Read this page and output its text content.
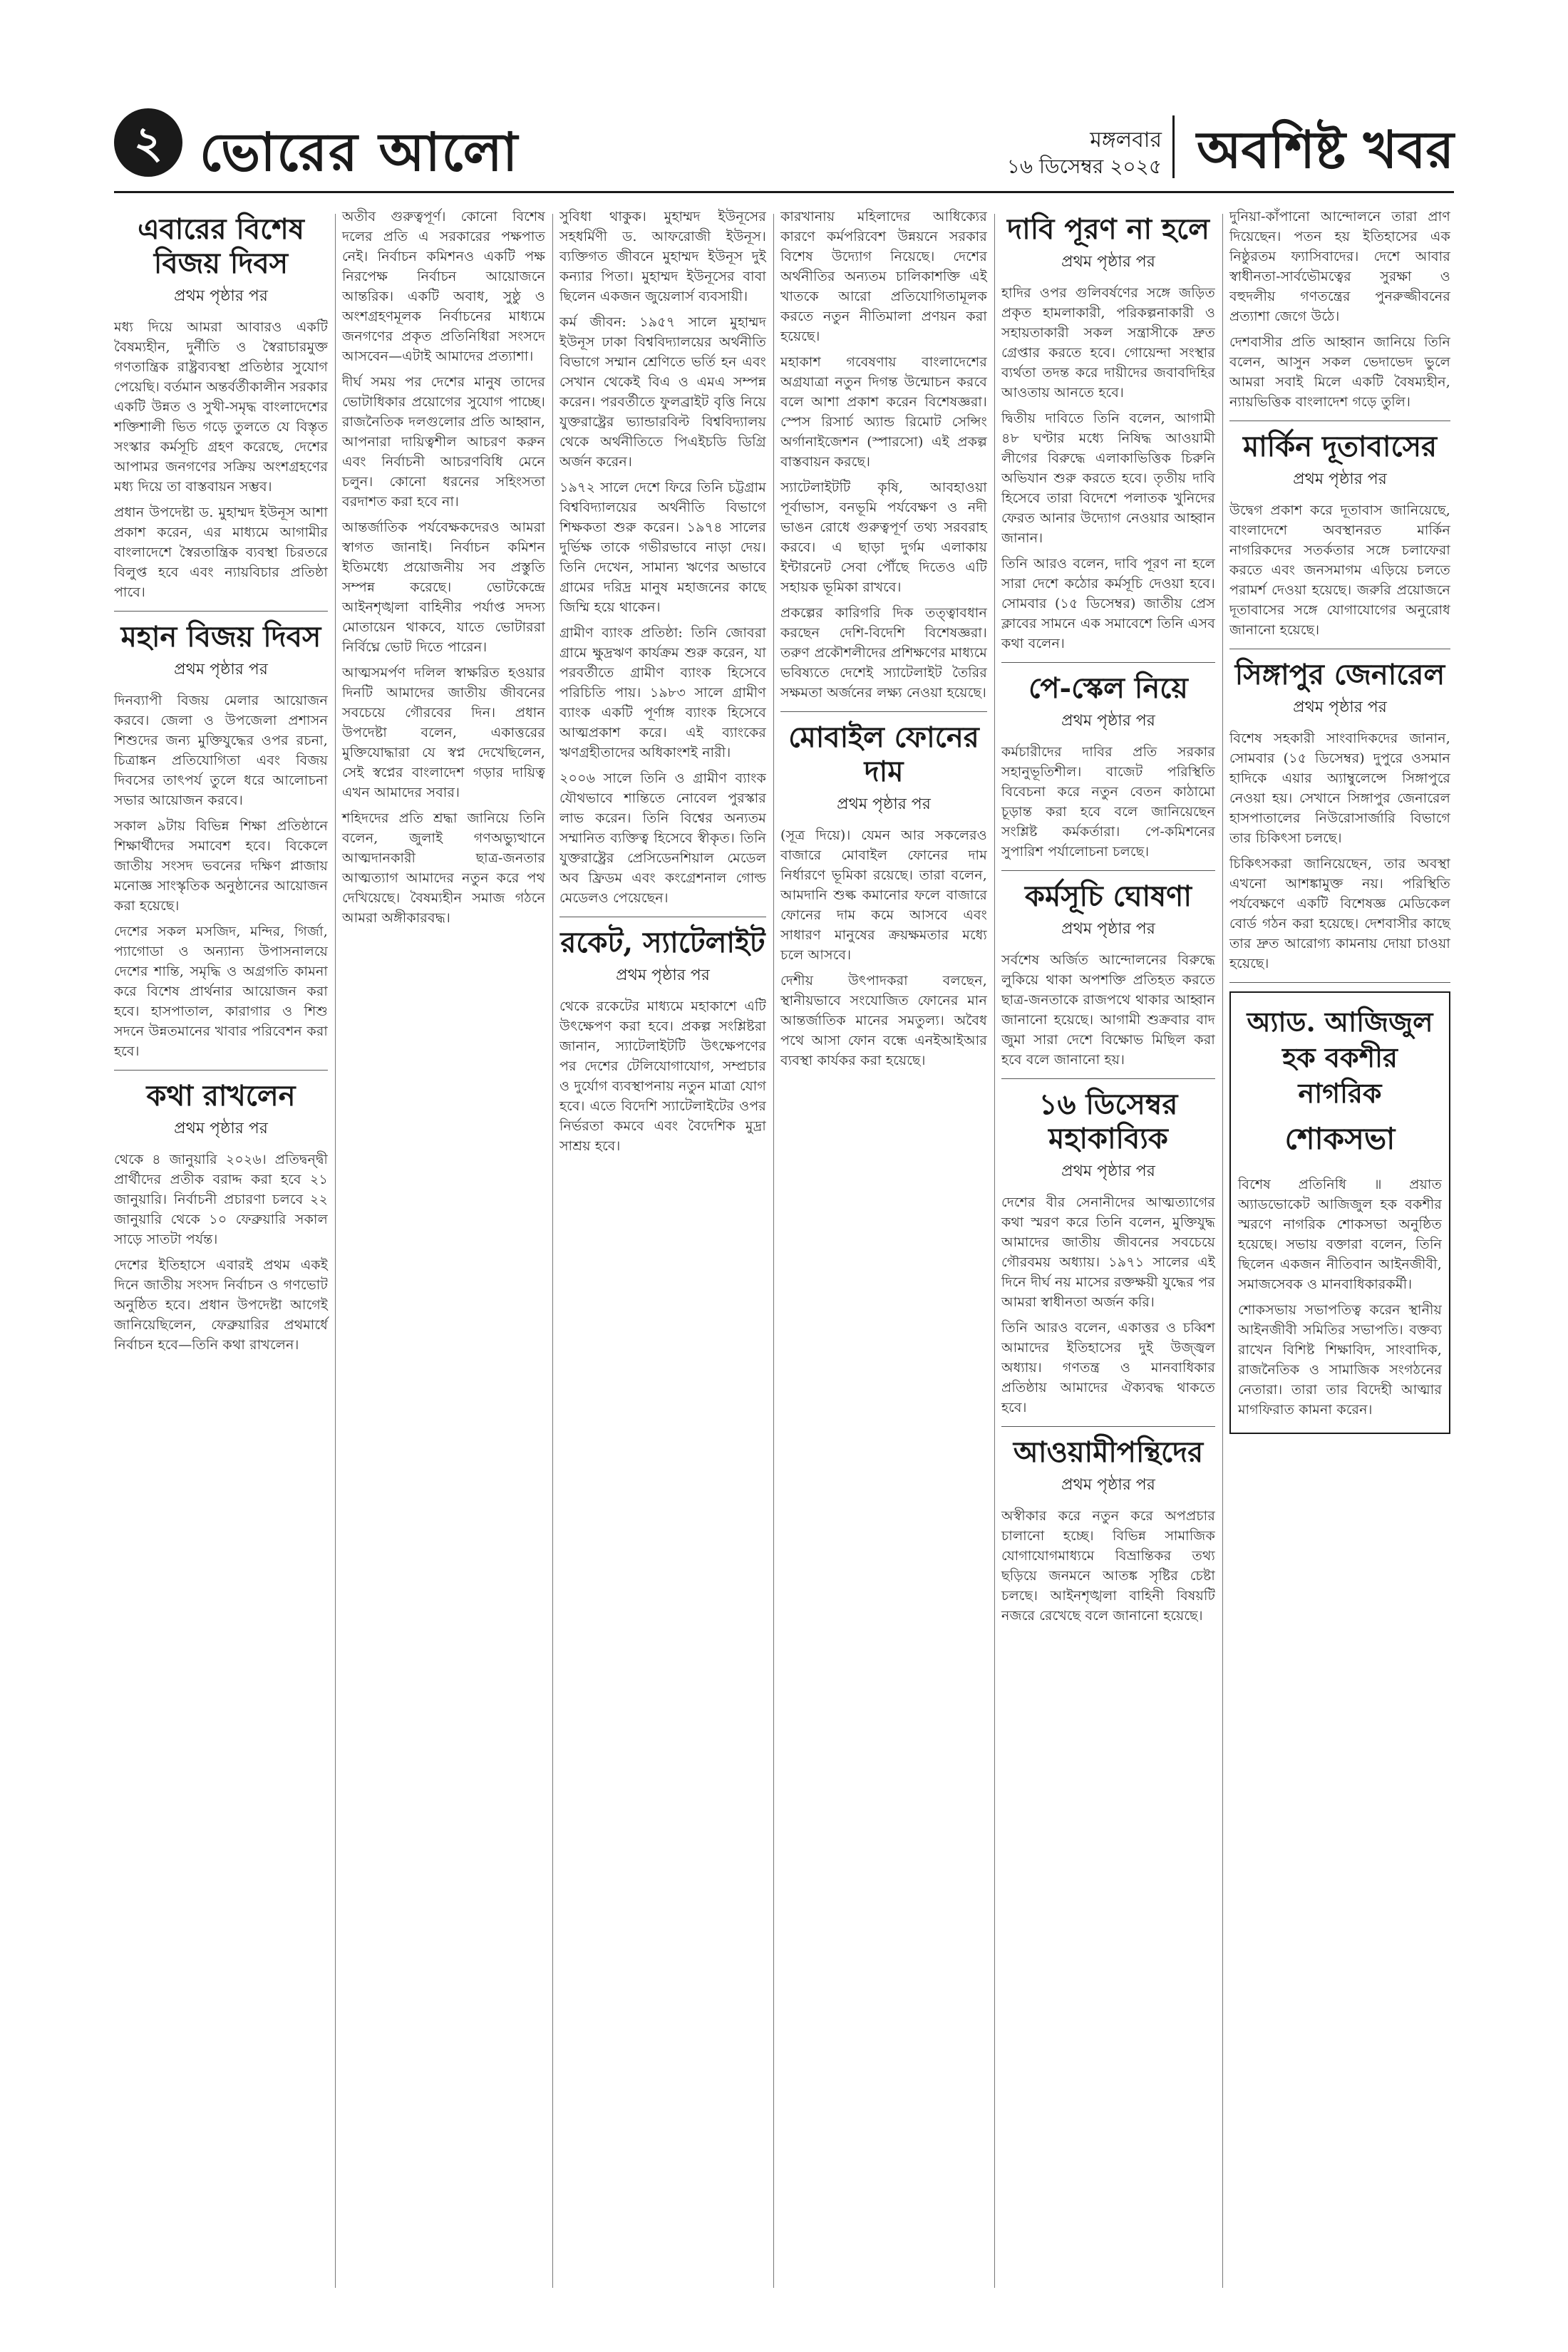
২ ভোরের আলো	মঙ্গলবার
১৬ ডিসেম্বর ২০২৫ অবশিষ্ট খবর
এবারের বিশেষ বিজয় দিবস
প্রথম পৃষ্ঠার পর

মধ্য দিয়ে আমরা আবারও একটি বৈষম্যহীন, দুর্নীতি ও স্বৈরাচারমুক্ত গণতান্ত্রিক রাষ্ট্রব্যবস্থা প্রতিষ্ঠার সুযোগ পেয়েছি। বর্তমান অন্তর্বর্তীকালীন সরকার একটি উন্নত ও সুখী-সমৃদ্ধ বাংলাদেশের শক্তিশালী ভিত গড়ে তুলতে যে বিস্তৃত সংস্কার কর্মসূচি গ্রহণ করেছে, দেশের আপামর জনগণের সক্রিয় অংশগ্রহণের মধ্য দিয়ে তা বাস্তবায়ন সম্ভব।

প্রধান উপদেষ্টা ড. মুহাম্মদ ইউনূস আশা প্রকাশ করেন, এর মাধ্যমে আগামীর বাংলাদেশে স্বৈরতান্ত্রিক ব্যবস্থা চিরতরে বিলুপ্ত হবে এবং ন্যায়বিচার প্রতিষ্ঠা পাবে।

মহান বিজয় দিবস
প্রথম পৃষ্ঠার পর

দিনব্যাপী বিজয় মেলার আয়োজন করবে। জেলা ও উপজেলা প্রশাসন শিশুদের জন্য মুক্তিযুদ্ধের ওপর রচনা, চিত্রাঙ্কন প্রতিযোগিতা এবং বিজয় দিবসের তাৎপর্য তুলে ধরে আলোচনা সভার আয়োজন করবে।

সকাল ৯টায় বিভিন্ন শিক্ষা প্রতিষ্ঠানে শিক্ষার্থীদের সমাবেশ হবে। বিকেলে জাতীয় সংসদ ভবনের দক্ষিণ প্লাজায় মনোজ্ঞ সাংস্কৃতিক অনুষ্ঠানের আয়োজন করা হয়েছে।

দেশের সকল মসজিদ, মন্দির, গির্জা, প্যাগোডা ও অন্যান্য উপাসনালয়ে দেশের শান্তি, সমৃদ্ধি ও অগ্রগতি কামনা করে বিশেষ প্রার্থনার আয়োজন করা হবে। হাসপাতাল, কারাগার ও শিশু সদনে উন্নতমানের খাবার পরিবেশন করা হবে।

কথা রাখলেন
প্রথম পৃষ্ঠার পর

থেকে ৪ জানুয়ারি ২০২৬। প্রতিদ্বন্দ্বী প্রার্থীদের প্রতীক বরাদ্দ করা হবে ২১ জানুয়ারি। নির্বাচনী প্রচারণা চলবে ২২ জানুয়ারি থেকে ১০ ফেব্রুয়ারি সকাল সাড়ে সাতটা পর্যন্ত।

দেশের ইতিহাসে এবারই প্রথম একই দিনে জাতীয় সংসদ নির্বাচন ও গণভোট অনুষ্ঠিত হবে। প্রধান উপদেষ্টা আগেই জানিয়েছিলেন, ফেব্রুয়ারির প্রথমার্ধে নির্বাচন হবে—তিনি কথা রাখলেন।

অতীব গুরুত্বপূর্ণ। কোনো বিশেষ দলের প্রতি এ সরকারের পক্ষপাত নেই। নির্বাচন কমিশনও একটি পক্ষ নিরপেক্ষ নির্বাচন আয়োজনে আন্তরিক। একটি অবাধ, সুষ্ঠু ও অংশগ্রহণমূলক নির্বাচনের মাধ্যমে জনগণের প্রকৃত প্রতিনিধিরা সংসদে আসবেন—এটাই আমাদের প্রত্যাশা।

দীর্ঘ সময় পর দেশের মানুষ তাদের ভোটাধিকার প্রয়োগের সুযোগ পাচ্ছে। রাজনৈতিক দলগুলোর প্রতি আহ্বান, আপনারা দায়িত্বশীল আচরণ করুন এবং নির্বাচনী আচরণবিধি মেনে চলুন। কোনো ধরনের সহিংসতা বরদাশত করা হবে না।

আন্তর্জাতিক পর্যবেক্ষকদেরও আমরা স্বাগত জানাই। নির্বাচন কমিশন ইতিমধ্যে প্রয়োজনীয় সব প্রস্তুতি সম্পন্ন করেছে। ভোটকেন্দ্রে আইনশৃঙ্খলা বাহিনীর পর্যাপ্ত সদস্য মোতায়েন থাকবে, যাতে ভোটাররা নির্বিঘ্নে ভোট দিতে পারেন।

আত্মসমর্পণ দলিল স্বাক্ষরিত হওয়ার দিনটি আমাদের জাতীয় জীবনের সবচেয়ে গৌরবের দিন। প্রধান উপদেষ্টা বলেন, একাত্তরের মুক্তিযোদ্ধারা যে স্বপ্ন দেখেছিলেন, সেই স্বপ্নের বাংলাদেশ গড়ার দায়িত্ব এখন আমাদের সবার।

শহিদদের প্রতি শ্রদ্ধা জানিয়ে তিনি বলেন, জুলাই গণঅভ্যুত্থানে আত্মদানকারী ছাত্র-জনতার আত্মত্যাগ আমাদের নতুন করে পথ দেখিয়েছে। বৈষম্যহীন সমাজ গঠনে আমরা অঙ্গীকারবদ্ধ।

সুবিধা থাকুক। মুহাম্মদ ইউনূসের সহধর্মিণী ড. আফরোজী ইউনূস। ব্যক্তিগত জীবনে মুহাম্মদ ইউনূস দুই কন্যার পিতা। মুহাম্মদ ইউনূসের বাবা ছিলেন একজন জুয়েলার্স ব্যবসায়ী।

কর্ম জীবন: ১৯৫৭ সালে মুহাম্মদ ইউনূস ঢাকা বিশ্ববিদ্যালয়ের অর্থনীতি বিভাগে সম্মান শ্রেণিতে ভর্তি হন এবং সেখান থেকেই বিএ ও এমএ সম্পন্ন করেন। পরবর্তীতে ফুলব্রাইট বৃত্তি নিয়ে যুক্তরাষ্ট্রের ভ্যান্ডারবিল্ট বিশ্ববিদ্যালয় থেকে অর্থনীতিতে পিএইচডি ডিগ্রি অর্জন করেন।

১৯৭২ সালে দেশে ফিরে তিনি চট্টগ্রাম বিশ্ববিদ্যালয়ের অর্থনীতি বিভাগে শিক্ষকতা শুরু করেন। ১৯৭৪ সালের দুর্ভিক্ষ তাকে গভীরভাবে নাড়া দেয়। তিনি দেখেন, সামান্য ঋণের অভাবে গ্রামের দরিদ্র মানুষ মহাজনের কাছে জিম্মি হয়ে থাকেন।

গ্রামীণ ব্যাংক প্রতিষ্ঠা: তিনি জোবরা গ্রামে ক্ষুদ্রঋণ কার্যক্রম শুরু করেন, যা পরবর্তীতে গ্রামীণ ব্যাংক হিসেবে পরিচিতি পায়। ১৯৮৩ সালে গ্রামীণ ব্যাংক একটি পূর্ণাঙ্গ ব্যাংক হিসেবে আত্মপ্রকাশ করে। এই ব্যাংকের ঋণগ্রহীতাদের অধিকাংশই নারী।

২০০৬ সালে তিনি ও গ্রামীণ ব্যাংক যৌথভাবে শান্তিতে নোবেল পুরস্কার লাভ করেন। তিনি বিশ্বের অন্যতম সম্মানিত ব্যক্তিত্ব হিসেবে স্বীকৃত। তিনি যুক্তরাষ্ট্রের প্রেসিডেনশিয়াল মেডেল অব ফ্রিডম এবং কংগ্রেশনাল গোল্ড মেডেলও পেয়েছেন।

রকেট, স্যাটেলাইট
প্রথম পৃষ্ঠার পর

থেকে রকেটের মাধ্যমে মহাকাশে এটি উৎক্ষেপণ করা হবে। প্রকল্প সংশ্লিষ্টরা জানান, স্যাটেলাইটটি উৎক্ষেপণের পর দেশের টেলিযোগাযোগ, সম্প্রচার ও দুর্যোগ ব্যবস্থাপনায় নতুন মাত্রা যোগ হবে। এতে বিদেশি স্যাটেলাইটের ওপর নির্ভরতা কমবে এবং বৈদেশিক মুদ্রা সাশ্রয় হবে।

কারখানায় মহিলাদের আধিক্যের কারণে কর্মপরিবেশ উন্নয়নে সরকার বিশেষ উদ্যোগ নিয়েছে। দেশের অর্থনীতির অন্যতম চালিকাশক্তি এই খাতকে আরো প্রতিযোগিতামূলক করতে নতুন নীতিমালা প্রণয়ন করা হয়েছে।

মহাকাশ গবেষণায় বাংলাদেশের অগ্রযাত্রা নতুন দিগন্ত উন্মোচন করবে বলে আশা প্রকাশ করেন বিশেষজ্ঞরা। স্পেস রিসার্চ অ্যান্ড রিমোট সেন্সিং অর্গানাইজেশন (স্পারসো) এই প্রকল্প বাস্তবায়ন করছে।

স্যাটেলাইটটি কৃষি, আবহাওয়া পূর্বাভাস, বনভূমি পর্যবেক্ষণ ও নদী ভাঙন রোধে গুরুত্বপূর্ণ তথ্য সরবরাহ করবে। এ ছাড়া দুর্গম এলাকায় ইন্টারনেট সেবা পৌঁছে দিতেও এটি সহায়ক ভূমিকা রাখবে।

প্রকল্পের কারিগরি দিক তত্ত্বাবধান করছেন দেশি-বিদেশি বিশেষজ্ঞরা। তরুণ প্রকৌশলীদের প্রশিক্ষণের মাধ্যমে ভবিষ্যতে দেশেই স্যাটেলাইট তৈরির সক্ষমতা অর্জনের লক্ষ্য নেওয়া হয়েছে।

মোবাইল ফোনের দাম
প্রথম পৃষ্ঠার পর

(সূত্র দিয়ে)। যেমন আর সকলেরও বাজারে মোবাইল ফোনের দাম নির্ধারণে ভূমিকা রয়েছে। তারা বলেন, আমদানি শুল্ক কমানোর ফলে বাজারে ফোনের দাম কমে আসবে এবং সাধারণ মানুষের ক্রয়ক্ষমতার মধ্যে চলে আসবে।

দেশীয় উৎপাদকরা বলছেন, স্থানীয়ভাবে সংযোজিত ফোনের মান আন্তর্জাতিক মানের সমতুল্য। অবৈধ পথে আসা ফোন বন্ধে এনইআইআর ব্যবস্থা কার্যকর করা হয়েছে।

দাবি পূরণ না হলে
প্রথম পৃষ্ঠার পর

হাদির ওপর গুলিবর্ষণের সঙ্গে জড়িত প্রকৃত হামলাকারী, পরিকল্পনাকারী ও সহায়তাকারী সকল সন্ত্রাসীকে দ্রুত গ্রেপ্তার করতে হবে। গোয়েন্দা সংস্থার ব্যর্থতা তদন্ত করে দায়ীদের জবাবদিহির আওতায় আনতে হবে।

দ্বিতীয় দাবিতে তিনি বলেন, আগামী ৪৮ ঘণ্টার মধ্যে নিষিদ্ধ আওয়ামী লীগের বিরুদ্ধে এলাকাভিত্তিক চিরুনি অভিযান শুরু করতে হবে। তৃতীয় দাবি হিসেবে তারা বিদেশে পলাতক খুনিদের ফেরত আনার উদ্যোগ নেওয়ার আহ্বান জানান।

তিনি আরও বলেন, দাবি পূরণ না হলে সারা দেশে কঠোর কর্মসূচি দেওয়া হবে। সোমবার (১৫ ডিসেম্বর) জাতীয় প্রেস ক্লাবের সামনে এক সমাবেশে তিনি এসব কথা বলেন।

পে-স্কেল নিয়ে
প্রথম পৃষ্ঠার পর

কর্মচারীদের দাবির প্রতি সরকার সহানুভূতিশীল। বাজেট পরিস্থিতি বিবেচনা করে নতুন বেতন কাঠামো চূড়ান্ত করা হবে বলে জানিয়েছেন সংশ্লিষ্ট কর্মকর্তারা। পে-কমিশনের সুপারিশ পর্যালোচনা চলছে।

কর্মসূচি ঘোষণা
প্রথম পৃষ্ঠার পর

সর্বশেষ অর্জিত আন্দোলনের বিরুদ্ধে লুকিয়ে থাকা অপশক্তি প্রতিহত করতে ছাত্র-জনতাকে রাজপথে থাকার আহ্বান জানানো হয়েছে। আগামী শুক্রবার বাদ জুমা সারা দেশে বিক্ষোভ মিছিল করা হবে বলে জানানো হয়।

১৬ ডিসেম্বর মহাকাব্যিক
প্রথম পৃষ্ঠার পর

দেশের বীর সেনানীদের আত্মত্যাগের কথা স্মরণ করে তিনি বলেন, মুক্তিযুদ্ধ আমাদের জাতীয় জীবনের সবচেয়ে গৌরবময় অধ্যায়। ১৯৭১ সালের এই দিনে দীর্ঘ নয় মাসের রক্তক্ষয়ী যুদ্ধের পর আমরা স্বাধীনতা অর্জন করি।

তিনি আরও বলেন, একাত্তর ও চব্বিশ আমাদের ইতিহাসের দুই উজ্জ্বল অধ্যায়। গণতন্ত্র ও মানবাধিকার প্রতিষ্ঠায় আমাদের ঐক্যবদ্ধ থাকতে হবে।

আওয়ামীপন্থিদের
প্রথম পৃষ্ঠার পর

অস্বীকার করে নতুন করে অপপ্রচার চালানো হচ্ছে। বিভিন্ন সামাজিক যোগাযোগমাধ্যমে বিভ্রান্তিকর তথ্য ছড়িয়ে জনমনে আতঙ্ক সৃষ্টির চেষ্টা চলছে। আইনশৃঙ্খলা বাহিনী বিষয়টি নজরে রেখেছে বলে জানানো হয়েছে।

দুনিয়া-কাঁপানো আন্দোলনে তারা প্রাণ দিয়েছেন। পতন হয় ইতিহাসের এক নিষ্ঠুরতম ফ্যাসিবাদের। দেশে আবার স্বাধীনতা-সার্বভৌমত্বের সুরক্ষা ও বহুদলীয় গণতন্ত্রের পুনরুজ্জীবনের প্রত্যাশা জেগে উঠে।

দেশবাসীর প্রতি আহ্বান জানিয়ে তিনি বলেন, আসুন সকল ভেদাভেদ ভুলে আমরা সবাই মিলে একটি বৈষম্যহীন, ন্যায়ভিত্তিক বাংলাদেশ গড়ে তুলি।

মার্কিন দূতাবাসের
প্রথম পৃষ্ঠার পর

উদ্বেগ প্রকাশ করে দূতাবাস জানিয়েছে, বাংলাদেশে অবস্থানরত মার্কিন নাগরিকদের সতর্কতার সঙ্গে চলাফেরা করতে এবং জনসমাগম এড়িয়ে চলতে পরামর্শ দেওয়া হয়েছে। জরুরি প্রয়োজনে দূতাবাসের সঙ্গে যোগাযোগের অনুরোধ জানানো হয়েছে।

সিঙ্গাপুর জেনারেল
প্রথম পৃষ্ঠার পর

বিশেষ সহকারী সাংবাদিকদের জানান, সোমবার (১৫ ডিসেম্বর) দুপুরে ওসমান হাদিকে এয়ার অ্যাম্বুলেন্সে সিঙ্গাপুরে নেওয়া হয়। সেখানে সিঙ্গাপুর জেনারেল হাসপাতালের নিউরোসার্জারি বিভাগে তার চিকিৎসা চলছে।

চিকিৎসকরা জানিয়েছেন, তার অবস্থা এখনো আশঙ্কামুক্ত নয়। পরিস্থিতি পর্যবেক্ষণে একটি বিশেষজ্ঞ মেডিকেল বোর্ড গঠন করা হয়েছে। দেশবাসীর কাছে তার দ্রুত আরোগ্য কামনায় দোয়া চাওয়া হয়েছে।

অ্যাড. আজিজুল হক বকশীর নাগরিক
শোকসভা

বিশেষ প্রতিনিধি ॥ প্রয়াত অ্যাডভোকেট আজিজুল হক বকশীর স্মরণে নাগরিক শোকসভা অনুষ্ঠিত হয়েছে। সভায় বক্তারা বলেন, তিনি ছিলেন একজন নীতিবান আইনজীবী, সমাজসেবক ও মানবাধিকারকর্মী।

শোকসভায় সভাপতিত্ব করেন স্থানীয় আইনজীবী সমিতির সভাপতি। বক্তব্য রাখেন বিশিষ্ট শিক্ষাবিদ, সাংবাদিক, রাজনৈতিক ও সামাজিক সংগঠনের নেতারা। তারা তার বিদেহী আত্মার মাগফিরাত কামনা করেন।
